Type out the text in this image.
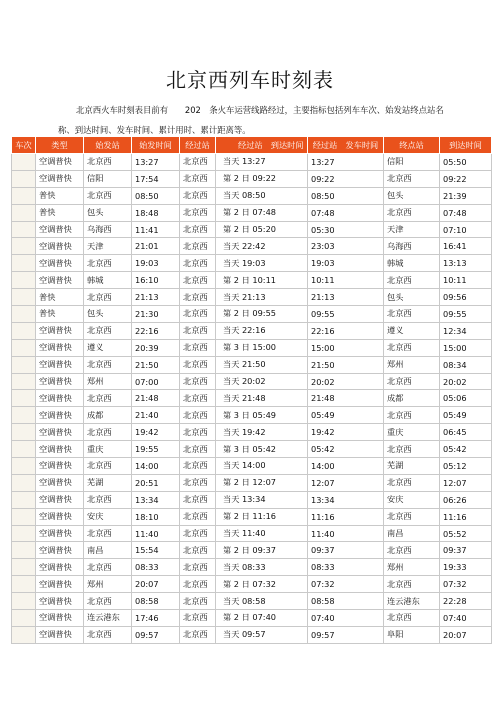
北京西列车时刻表
北京西火车时刻表目前有　　202　条火车运营线路经过，主要指标包括列车车次、始发站终点站名
称、到达时间、发车时间、累计用时、累计距离等。
车次	类型	始发站	始发时间	经过站	经过站　到达时间	经过站　发车时间	终点站	到达时间
	空调普快	北京西	13:27	北京西	当天 13:27	13:27	信阳	05:50
	空调普快	信阳	17:54	北京西	第 2 日 09:22	09:22	北京西	09:22
	普快	北京西	08:50	北京西	当天 08:50	08:50	包头	21:39
	普快	包头	18:48	北京西	第 2 日 07:48	07:48	北京西	07:48
	空调普快	乌海西	11:41	北京西	第 2 日 05:20	05:30	天津	07:10
	空调普快	天津	21:01	北京西	当天 22:42	23:03	乌海西	16:41
	空调普快	北京西	19:03	北京西	当天 19:03	19:03	韩城	13:13
	空调普快	韩城	16:10	北京西	第 2 日 10:11	10:11	北京西	10:11
	普快	北京西	21:13	北京西	当天 21:13	21:13	包头	09:56
	普快	包头	21:30	北京西	第 2 日 09:55	09:55	北京西	09:55
	空调普快	北京西	22:16	北京西	当天 22:16	22:16	遵义	12:34
	空调普快	遵义	20:39	北京西	第 3 日 15:00	15:00	北京西	15:00
	空调普快	北京西	21:50	北京西	当天 21:50	21:50	郑州	08:34
	空调普快	郑州	07:00	北京西	当天 20:02	20:02	北京西	20:02
	空调普快	北京西	21:48	北京西	当天 21:48	21:48	成都	05:06
	空调普快	成都	21:40	北京西	第 3 日 05:49	05:49	北京西	05:49
	空调普快	北京西	19:42	北京西	当天 19:42	19:42	重庆	06:45
	空调普快	重庆	19:55	北京西	第 3 日 05:42	05:42	北京西	05:42
	空调普快	北京西	14:00	北京西	当天 14:00	14:00	芜湖	05:12
	空调普快	芜湖	20:51	北京西	第 2 日 12:07	12:07	北京西	12:07
	空调普快	北京西	13:34	北京西	当天 13:34	13:34	安庆	06:26
	空调普快	安庆	18:10	北京西	第 2 日 11:16	11:16	北京西	11:16
	空调普快	北京西	11:40	北京西	当天 11:40	11:40	南昌	05:52
	空调普快	南昌	15:54	北京西	第 2 日 09:37	09:37	北京西	09:37
	空调普快	北京西	08:33	北京西	当天 08:33	08:33	郑州	19:33
	空调普快	郑州	20:07	北京西	第 2 日 07:32	07:32	北京西	07:32
	空调普快	北京西	08:58	北京西	当天 08:58	08:58	连云港东	22:28
	空调普快	连云港东	17:46	北京西	第 2 日 07:40	07:40	北京西	07:40
	空调普快	北京西	09:57	北京西	当天 09:57	09:57	阜阳	20:07
